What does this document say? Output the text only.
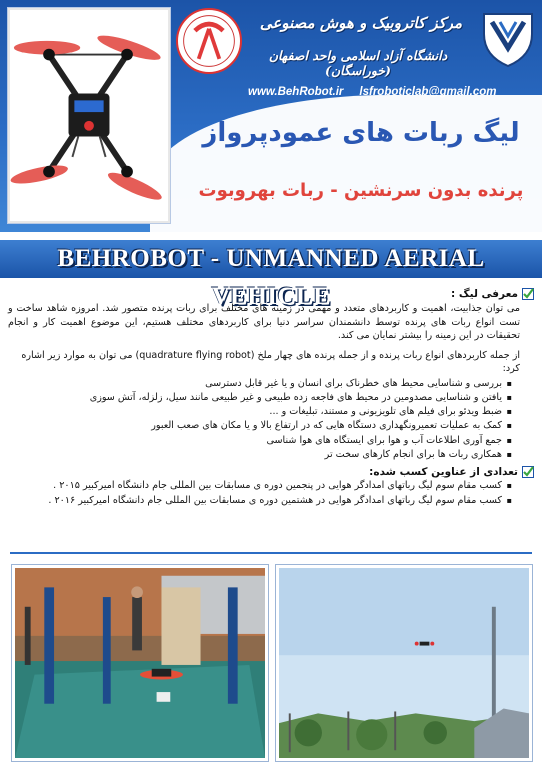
مرکز کاتروبیک و هوش مصنوعی
دانشگاه آزاد اسلامی واحد اصفهان (خوراسگان)
www.BehRobot.ir lsfroboticlab@gmail.com
لیگ ربات های عمودپرواز
پرنده بدون سرنشین - ربات بهروبوت
BEHROBOT - UNMANNED AERIAL VEHICLE	معرفی لیگ :

می توان جذابیت، اهمیت و کاربردهای متعدد و مهمی در زمینه های مختلف برای ربات پرنده متصور شد. امروزه شاهد ساخت و تست انواع ربات های پرنده توسط دانشمندان سراسر دنیا برای کاربردهای مختلف هستیم، این موضوع اهمیت کار و انجام تحقیقات در این زمینه را بیشتر نمایان می کند.

از جمله کاربردهای انواع ربات پرنده و از جمله پرنده های چهار ملخ (quadrature flying robot) می توان به موارد زیر اشاره کرد:

▪ بررسی و شناسایی محیط های خطرناک برای انسان و یا غیر قابل دسترسی
▪ یافتن و شناسایی مصدومین در محیط های فاجعه زده طبیعی و غیر طبیعی مانند سیل، زلزله، آتش سوزی
▪ ضبط ویدئو برای فیلم های تلویزیونی و مستند، تبلیغات و ...
▪ کمک به عملیات تعمیرونگهداری دستگاه هایی که در ارتفاع بالا و یا مکان های صعب العبور
▪ جمع آوری اطلاعات آب و هوا برای ایستگاه های هوا شناسی
▪ همکاری ربات ها برای انجام کارهای سخت تر
تعدادی از عناوین کسب شده:
▪ کسب مقام سوم لیگ رباتهای امدادگر هوایی در پنجمین دوره ی مسابقات بین المللی جام دانشگاه امیرکبیر ۲۰۱۵ .
▪ کسب مقام سوم لیگ رباتهای امدادگر هوایی در هشتمین دوره ی مسابقات بین المللی جام دانشگاه امیرکبیر ۲۰۱۶ .
